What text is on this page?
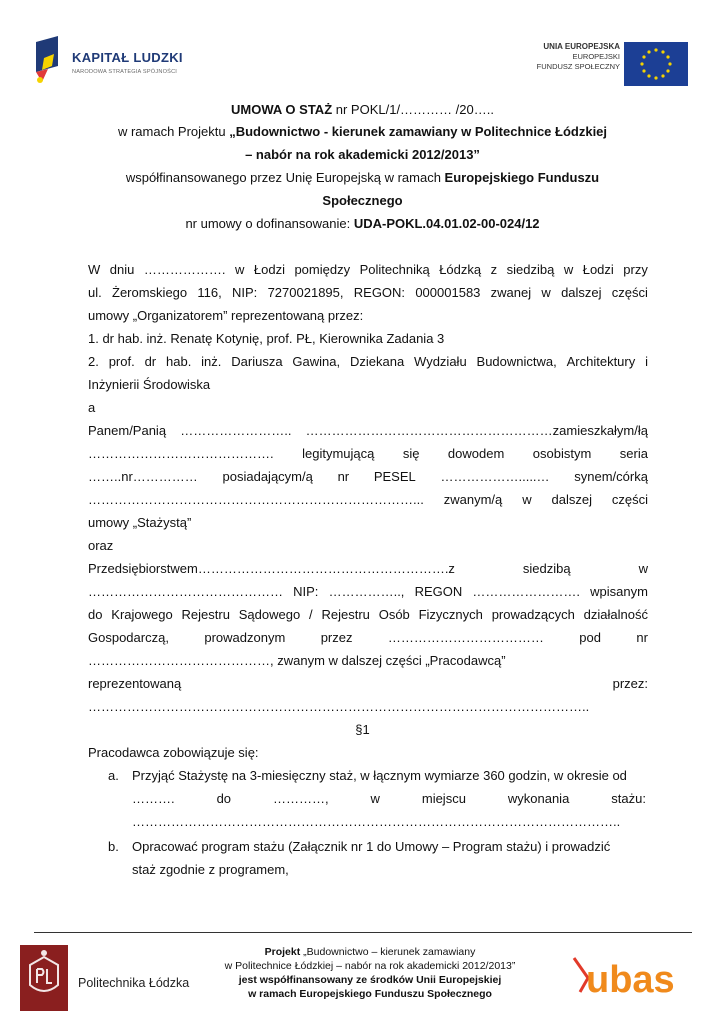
KAPITAŁ LUDZKI
NARODOWA STRATEGIA SPÓJNOŚCI
UNIA EUROPEJSKA
EUROPEJSKI
FUNDUSZ SPOŁECZNY
UMOWA O STAŻ nr POKL/1/………… /20…..
w ramach Projektu „Budownictwo - kierunek zamawiany w Politechnice Łódzkiej
– nabór na rok akademicki 2012/2013”
współfinansowanego przez Unię Europejską w ramach Europejskiego Funduszu
Społecznego
nr umowy o dofinansowanie: UDA-POKL.04.01.02-00-024/12
W dniu ………………. w Łodzi pomiędzy Politechniką Łódzką z siedzibą w Łodzi przy
ul. Żeromskiego 116, NIP: 7270021895, REGON: 000001583 zwanej w dalszej części
umowy „Organizatorem” reprezentowaną przez:
1. dr hab. inż. Renatę Kotynię, prof. PŁ, Kierownika Zadania 3
2. prof. dr hab. inż. Dariusza Gawina, Dziekana Wydziału Budownictwa, Architektury i
Inżynierii Środowiska
a
Panem/Panią …………………….. …………………………………………………zamieszkałym/łą
……………………………………. legitymującą się dowodem osobistym seria
……..nr…………… posiadającym/ą nr PESEL ……………….....… synem/córką
…………………………………………………………………... zwanym/ą w dalszej części
umowy „Stażystą”
oraz
Przedsiębiorstwem………………………………………………….z	siedzibą	w
……………………………………… NIP: …………….., REGON ……………………. wpisanym
do Krajowego Rejestru Sądowego / Rejestru Osób Fizycznych prowadzących działalność
Gospodarczą,	prowadzonym	przez	………………………………	pod	nr
……………………………………, zwanym w dalszej części „Pracodawcą”
reprezentowaną	przez:
……………………………………………………………………………………………………..
§1
Pracodawca zobowiązuje się:
a. Przyjąć Stażystę na 3-miesięczny staż, w łącznym wymiarze 360 godzin, w okresie od
……….	do	…………,	w	miejscu	wykonania	stażu:
…………………………………………………………………………………………………..
b. Opracować program stażu (Załącznik nr 1 do Umowy – Program stażu) i prowadzić
staż zgodnie z programem,
Politechnika Łódzka
Projekt „Budownictwo – kierunek zamawiany
w Politechnice Łódzkiej – nabór na rok akademicki 2012/2013”
jest współfinansowany ze środków Unii Europejskiej
w ramach Europejskiego Funduszu Społecznego	ubas
